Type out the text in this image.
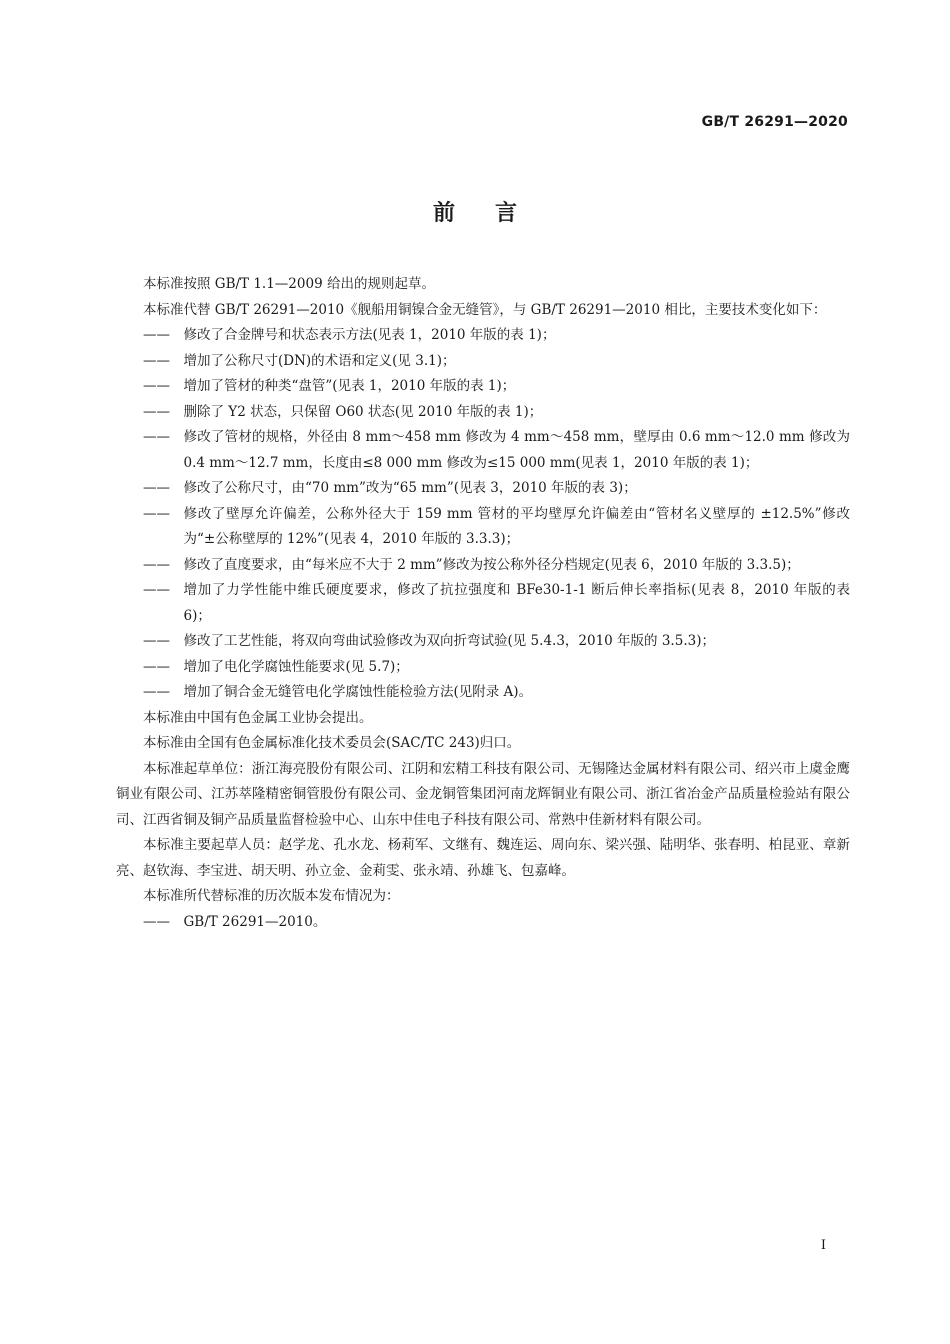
GB/T 26291—2020
前言

本标准按照 GB/T 1.1—2009 给出的规则起草。

本标准代替 GB/T 26291—2010《舰船用铜镍合金无缝管》，与 GB/T 26291—2010 相比，主要技术变化如下：

——	修改了合金牌号和状态表示方法(见表 1，2010 年版的表 1)；
——	增加了公称尺寸(DN)的术语和定义(见 3.1)；
——	增加了管材的种类“盘管”(见表 1，2010 年版的表 1)；
——	删除了 Y2 状态，只保留 O60 状态(见 2010 年版的表 1)；
——	修改了管材的规格，外径由 8 mm～458 mm 修改为 4 mm～458 mm，壁厚由 0.6 mm～12.0 mm 修改为 0.4 mm～12.7 mm，长度由≤8 000 mm 修改为≤15 000 mm(见表 1，2010 年版的表 1)；
——	修改了公称尺寸，由“70 mm”改为“65 mm”(见表 3，2010 年版的表 3)；
——	修改了壁厚允许偏差，公称外径大于 159 mm 管材的平均壁厚允许偏差由“管材名义壁厚的 ±12.5%”修改为“±公称壁厚的 12%”(见表 4，2010 年版的 3.3.3)；
——	修改了直度要求，由“每米应不大于 2 mm”修改为按公称外径分档规定(见表 6，2010 年版的 3.3.5)；
——	增加了力学性能中维氏硬度要求，修改了抗拉强度和 BFe30-1-1 断后伸长率指标(见表 8，2010 年版的表 6)；
——	修改了工艺性能，将双向弯曲试验修改为双向折弯试验(见 5.4.3，2010 年版的 3.5.3)；
——	增加了电化学腐蚀性能要求(见 5.7)；
——	增加了铜合金无缝管电化学腐蚀性能检验方法(见附录 A)。

本标准由中国有色金属工业协会提出。

本标准由全国有色金属标准化技术委员会(SAC/TC 243)归口。

本标准起草单位：浙江海亮股份有限公司、江阴和宏精工科技有限公司、无锡隆达金属材料有限公司、绍兴市上虞金鹰铜业有限公司、江苏萃隆精密铜管股份有限公司、金龙铜管集团河南龙辉铜业有限公司、浙江省冶金产品质量检验站有限公司、江西省铜及铜产品质量监督检验中心、山东中佳电子科技有限公司、常熟中佳新材料有限公司。

本标准主要起草人员：赵学龙、孔水龙、杨莉军、文继有、魏连运、周向东、梁兴强、陆明华、张春明、柏昆亚、章新亮、赵钦海、李宝进、胡天明、孙立金、金莉雯、张永靖、孙雄飞、包嘉峰。

本标准所代替标准的历次版本发布情况为：

——	GB/T 26291—2010。
I
